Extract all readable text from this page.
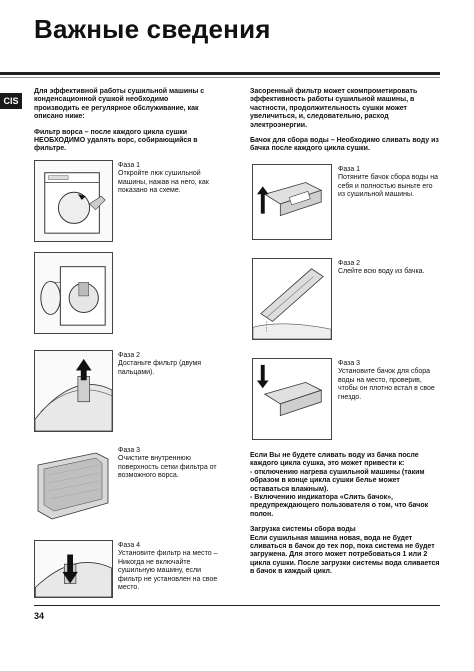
Важные сведения
CIS

Для эффективной работы сушильной машины с конденсационной сушкой необходимо производить ее регулярное обслуживание, как описано ниже:

Фильтр ворса – после каждого цикла сушки НЕОБХОДИМО удалять ворс, собирающийся в фильтре.

Фаза 1
Откройте люк сушильной машины, нажав на него, как показано на схеме.
Фаза 2
Достаньте фильтр (двумя пальцами).
Фаза 3
Очистите внутреннюю поверхность сетки фильтра от возможного ворса.
Фаза 4
Установите фильтр на место – Никогда не включайте сушильную машину, если фильтр не установлен на свое место.

Засоренный фильтр может скомпрометировать эффективность работы сушильной машины, в частности, продолжительность сушки может увеличиться, и, следовательно, расход электроэнергии.

Бачок для сбора воды – Необходимо сливать воду из бачка после каждого цикла сушки.

Фаза 1
Потяните бачок сбора воды на себя и полностью выньте его из сушильной машины.
Фаза 2
Слейте всю воду из бачка.
Фаза 3
Установите бачок для сбора воды на место, проверив, чтобы он плотно встал в свое гнездо.
Если Вы не будете сливать воду из бачка после каждого цикла сушка, это может привести к:
- отключению нагрева сушильной машины (таким образом в конце цикла сушки белье может оставаться влажным).
- Включению индикатора «Слить бачок», предупреждающего пользователя о том, что бачок полон.
Загрузка системы сбора воды
Если сушильная машина новая, вода не будет сливаться в бачок до тех пор, пока система не будет загружена. Для этого может потребоваться 1 или 2 цикла сушки. После загрузки системы вода сливается в бачок в каждый цикл.
34
